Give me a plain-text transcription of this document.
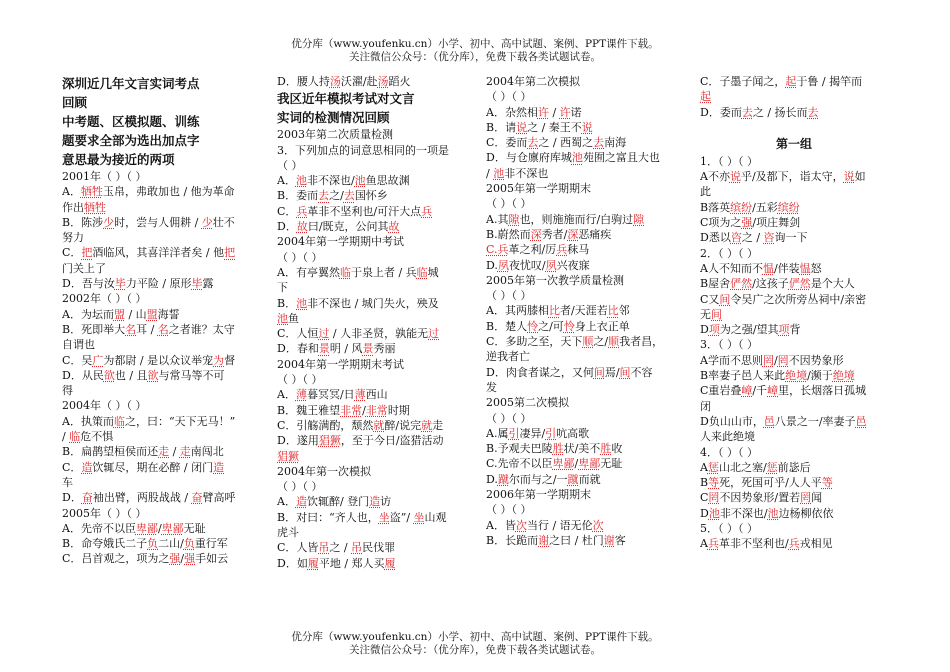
优分库（www.youfenku.cn）小学、初中、高中试题、案例、PPT课件下载。
关注微信公众号：（优分库），免费下载各类试题试卷。
深圳近几年文言实词考点
回顾
中考题、区模拟题、训练
题要求全部为选出加点字
意思最为接近的两项
2001年（ ）（ ）
A．牺牲玉帛，弗敢加也 / 他为革命
作出牺牲
B．陈涉少时，尝与人佣耕 / 少壮不
努力
C．把酒临风，其喜洋洋者矣 / 他把
门关上了
D．吾与汝毕力平险 / 原形毕露
2002年（ ）（ ）
A．为坛而盟 / 山盟海誓
B．死即举大名耳 / 名之者谁？太守
自谓也
C．吴广为都尉 / 是以众议举宠为督
D．从民欲也 / 且欲与常马等不可
得
2004年（ ）（ ）
A．执策而临之，曰：“天下无马！”
/ 临危不惧
B．扁鹊望桓侯而还走 / 走南闯北
C．造饮辄尽，期在必醉 / 闭门造
车
D．奋袖出臂，两股战战 / 奋臂高呼
2005年（ ）（ ）
A．先帝不以臣卑鄙/卑鄙无耻
B．命夸娥氏二子负二山/负重行军
C．吕首观之，项为之强/强手如云
D．腰人持汤沃濯/赴汤蹈火
我区近年模拟考试对文言
实词的检测情况回顾
2003年第二次质量检测
3．下列加点的词意思相同的一项是
（ ）
A．池非不深也/池鱼思故渊
B．委而去之/去国怀乡
C．兵革非不坚利也/可汗大点兵
D．故曰/既克，公问其故
2004年第一学期期中考试
（ ）（ ）
A．有亭翼然临于泉上者 / 兵临城
下
B．池非不深也 / 城门失火，殃及
池鱼
C．人恒过 / 人非圣贤，孰能无过
D．春和景明 / 风景秀丽
2004年第一学期期末考试
（ ）（ ）
A．薄暮冥冥/日薄西山
B．魏王雅望非常/非常时期
C．引觞满酌，颓然就醉/说完就走
D．遂用猖獗，至于今日/盗猎活动
猖獗
2004年第一次模拟
（ ）（ ）
A．造饮辄醉/ 登门造访
B．对曰：“齐人也，坐盗”/ 坐山观
虎斗
C．人皆吊之 / 吊民伐罪
D．如履平地 / 郑人买履
2004年第二次模拟
（ ）（ ）
A．杂然相许 / 许诺
B．请说之 / 秦王不说
C．委而去之 / 西蜀之去南海
D．与仓廪府库城池苑囿之富且大也
/ 池非不深也
2005年第一学期期末
（ ）（ ）
A.其隙也，则施施而行/白驹过隙
B.蔚然而深秀者/深恶痛疾
C.兵革之利/厉兵秣马
D.夙夜忧叹/夙兴夜寐
2005年第一次教学质量检测
（ ）（ ）
A．其两膝相比者/天涯若比邻
B．楚人怜之/可怜身上衣正单
C．多助之至，天下顺之/顺我者昌，
逆我者亡
D．肉食者谋之，又何间焉/间不容
发
2005第二次模拟
（ ）（ ）
A.属引凄异/引吭高歌
B.予观夫巴陵胜状/美不胜收
C.先帝不以臣卑鄙/卑鄙无耻
D.蹴尔而与之/一蹴而就
2006年第一学期期末
（ ）（ ）
A．皆次当行 / 语无伦次
B．长跪而谢之曰 / 杜门谢客
C．子墨子闻之，起于鲁 / 揭竿而
起
D．委而去之 / 扬长而去
第一组
1．（ ）（ ）
A不亦说乎/及都下，诣太守，说如
此
B落英缤纷/五彩缤纷
C项为之强/项庄舞剑
D悉以咨之 / 咨询一下
2．（ ）（ ）
A人不知而不愠/伴装愠怒
B屋舍俨然/这孩子俨然是个大人
C又间令吴广之次所旁丛祠中/亲密
无间
D项为之强/望其项背
3．（ ）（ ）
A学而不思则罔/罔不因势象形
B率妻子邑人来此绝境/濒于绝境
C重岩叠嶂/千嶂里，长烟落日孤城
闭
D负山山市，邑八景之一/率妻子邑
人来此绝境
4．（ ）（ ）
A惩山北之塞/惩前毖后
B等死，死国可乎/人人平等
C罔不因势象形/置若罔闻
D池非不深也/池边杨柳依依
5．（ ）（ ）
A兵革非不坚利也/兵戎相见
优分库（www.youfenku.cn）小学、初中、高中试题、案例、PPT课件下载。
关注微信公众号：（优分库），免费下载各类试题试卷。
